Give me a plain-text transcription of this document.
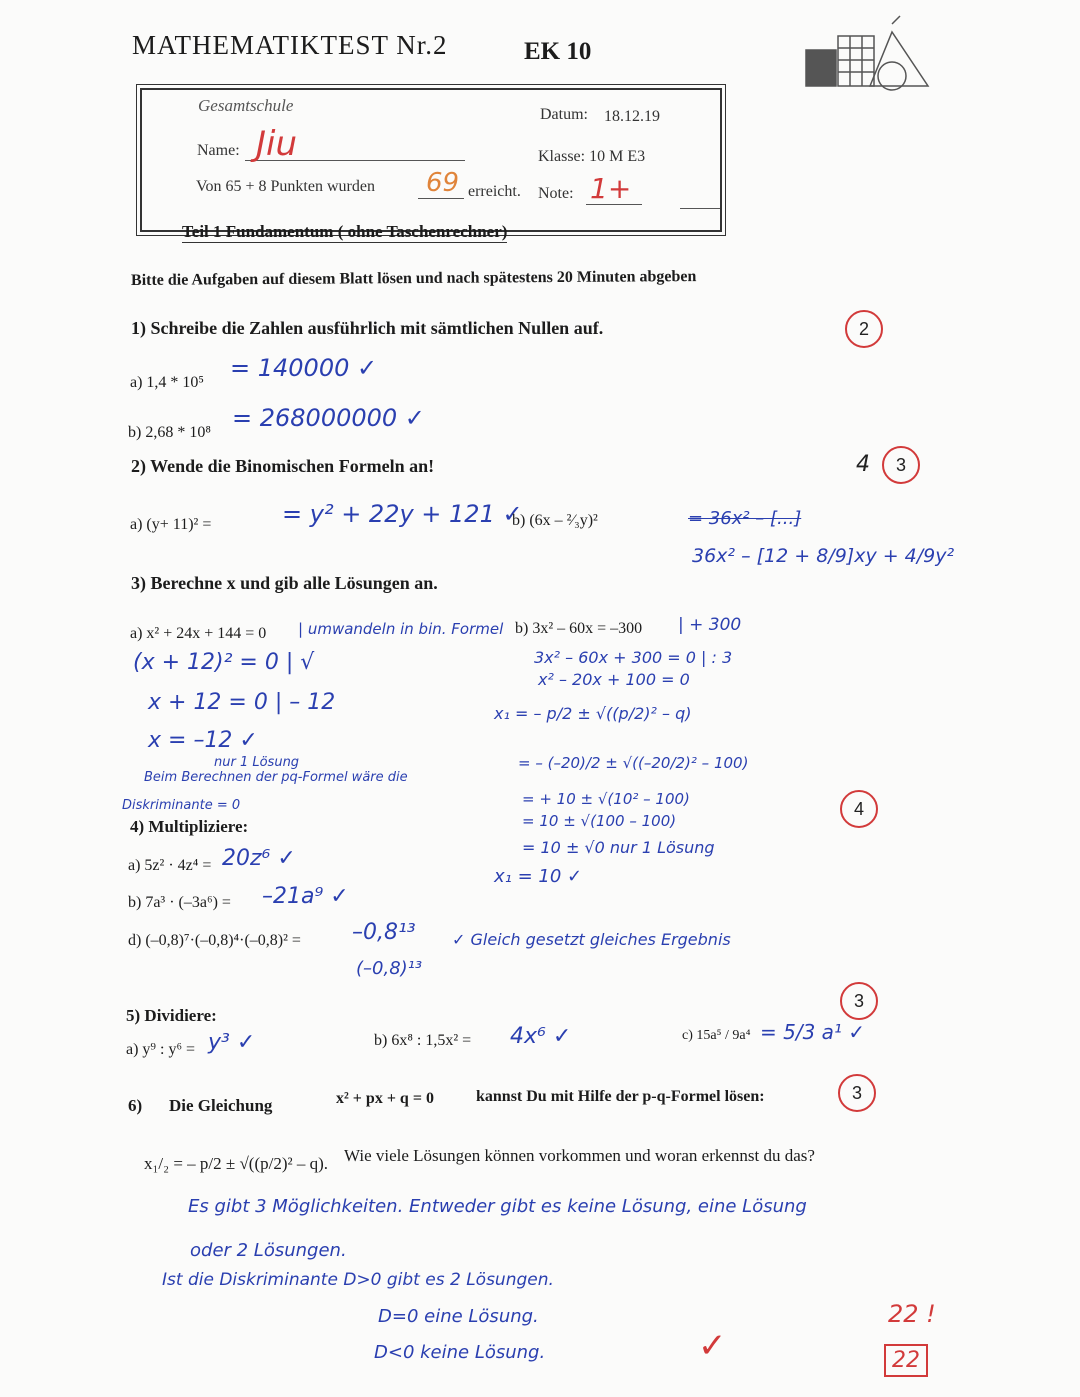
MATHEMATIKTEST Nr.2	EK 10
Gesamtschule	Datum: 18.12.19
Name: Jiu	Klasse: 10 M E3
Von 65 + 8 Punkten wurden 69 erreicht. Note: 1+
Teil 1 Fundamentum ( ohne Taschenrechner)
Bitte die Aufgaben auf diesem Blatt lösen und nach spätestens 20 Minuten abgeben
1) Schreibe die Zahlen ausführlich mit sämtlichen Nullen auf.	2
a) 1,4 * 10⁵
= 140000 ✓
b) 2,68 * 10⁸
= 268000000 ✓
2) Wende die Binomischen Formeln an!	4	3
a) (y+ 11)² =	= y² + 22y + 121 ✓
b) (6x – ²⁄₃y)²	= 36x² – [...]
36x² – [12 + 8/9]xy + 4/9y²
3) Berechne x und gib alle Lösungen an.
a) x² + 24x + 144 = 0 | umwandeln in bin. Formel
(x + 12)² = 0 | √
x + 12 = 0 | – 12
x = –12 ✓
nur 1 Lösung
Beim Berechnen der pq-Formel wäre die
Diskriminante = 0
b) 3x² – 60x = –300 | + 300
3x² – 60x + 300 = 0 | : 3
x² – 20x + 100 = 0
x₁ = – p/2 ± √((p/2)² – q)
= – (–20)/2 ± √((–20/2)² – 100)
= + 10 ± √(10² – 100)
= 10 ± √(100 – 100)
= 10 ± √0 nur 1 Lösung
x₁ = 10 ✓
4
4) Multipliziere:
a) 5z² · 4z⁴ = 20z⁶ ✓
b) 7a³ · (–3a⁶) = –21a⁹ ✓
d) (–0,8)⁷·(–0,8)⁴·(–0,8)² = –0,8¹³
(–0,8)¹³
✓ Gleich gesetzt gleiches Ergebnis
3
5) Dividiere:
a) y⁹ : y⁶ = y³ ✓	b) 6x⁸ : 1,5x² = 4x⁶ ✓	c) 15a⁵ / 9a⁴ = 5/3 a¹ ✓
3
6) Die Gleichung	x² + px + q = 0	kannst Du mit Hilfe der p-q-Formel lösen:
x₁/₂ = – p/2 ± √((p/2)² – q). Wie viele Lösungen können vorkommen und woran erkennst du das?
Es gibt 3 Möglichkeiten. Entweder gibt es keine Lösung, eine Lösung
oder 2 Lösungen.
Ist die Diskriminante D>0 gibt es 2 Lösungen.
D=0 eine Lösung.
D<0 keine Lösung.	✓
22 !
22
